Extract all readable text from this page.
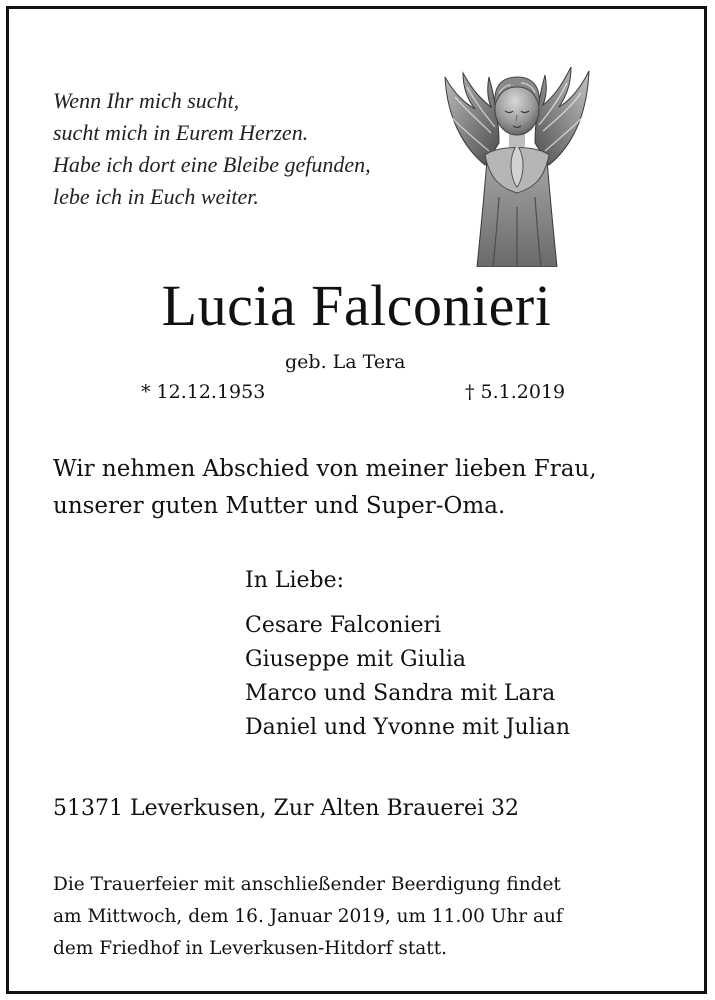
Wenn Ihr mich sucht,
sucht mich in Eurem Herzen.
Habe ich dort eine Bleibe gefunden,
lebe ich in Euch weiter.
Lucia Falconieri
geb. La Tera
* 12.12.1953	† 5.1.2019
Wir nehmen Abschied von meiner lieben Frau,
unserer guten Mutter und Super-Oma.
In Liebe:
Cesare Falconieri
Giuseppe mit Giulia
Marco und Sandra mit Lara
Daniel und Yvonne mit Julian
51371 Leverkusen, Zur Alten Brauerei 32
Die Trauerfeier mit anschließender Beerdigung findet
am Mittwoch, dem 16. Januar 2019, um 11.00 Uhr auf
dem Friedhof in Leverkusen-Hitdorf statt.
